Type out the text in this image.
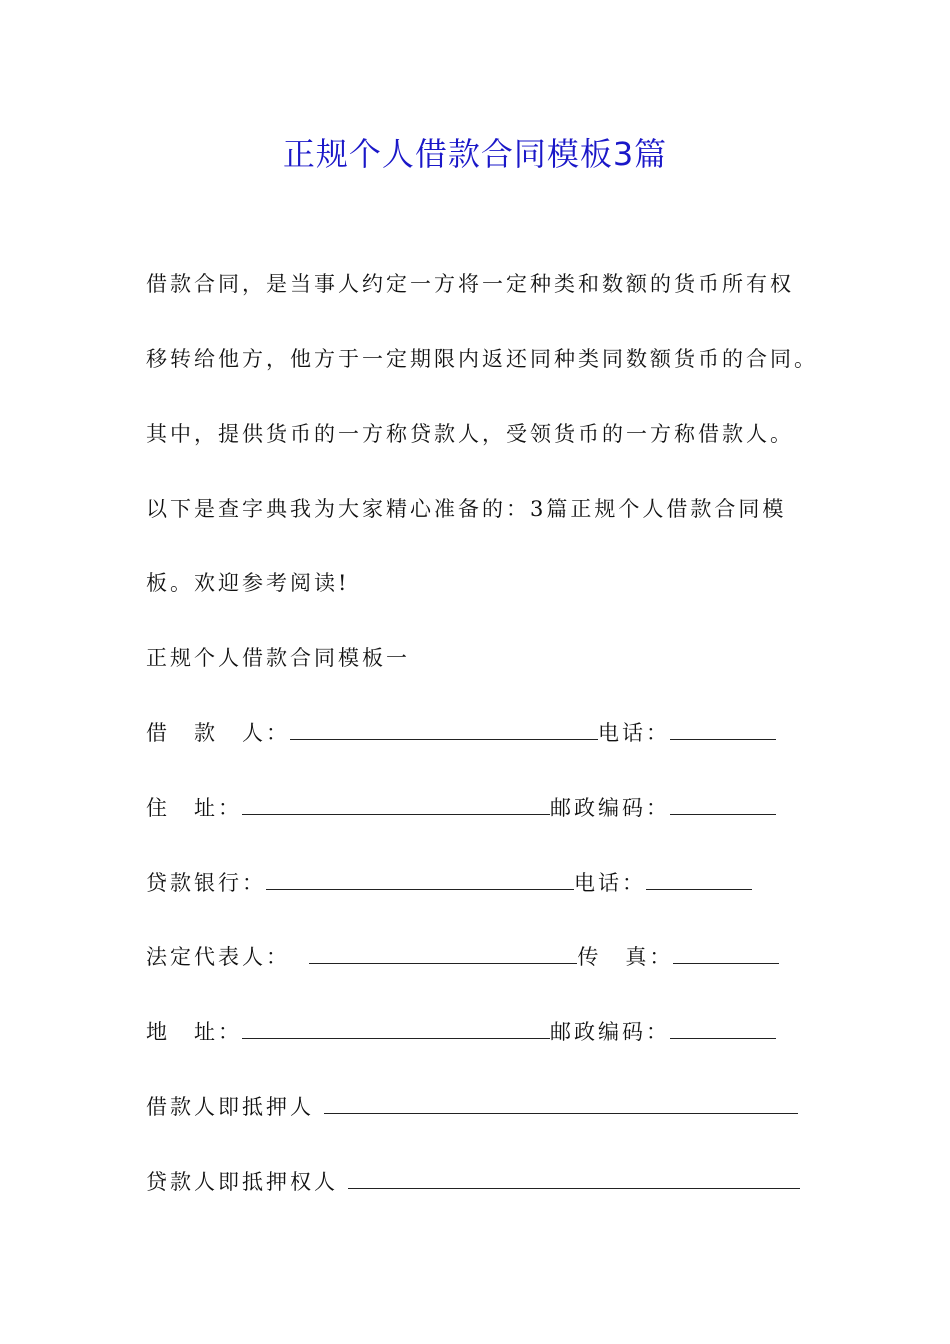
正规个人借款合同模板3篇
借款合同，是当事人约定一方将一定种类和数额的货币所有权
移转给他方，他方于一定期限内返还同种类同数额货币的合同。
其中，提供货币的一方称贷款人，受领货币的一方称借款人。
以下是查字典我为大家精心准备的：3篇正规个人借款合同模
板。欢迎参考阅读!
正规个人借款合同模板一
借　款　人：	电话：
住　址：	邮政编码：
贷款银行：	电话：
法定代表人：	传　真：
地　址：	邮政编码：
借款人即抵押人
贷款人即抵押权人
